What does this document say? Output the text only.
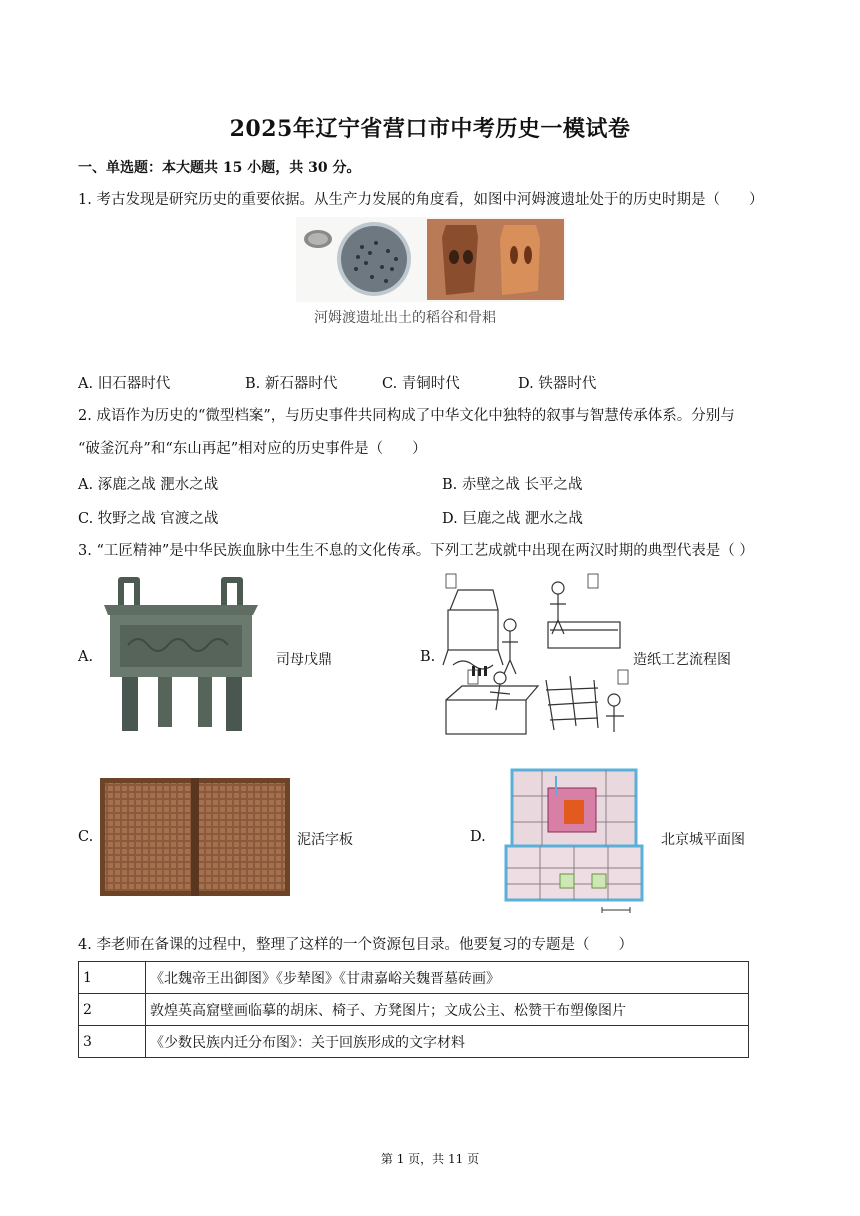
2025年辽宁省营口市中考历史一模试卷
一、单选题：本大题共 15 小题，共 30 分。
1. 考古发现是研究历史的重要依据。从生产力发展的角度看，如图中河姆渡遗址处于的历史时期是（　　）
河姆渡遗址出土的稻谷和骨耜
A. 旧石器时代	B. 新石器时代	C. 青铜时代	D. 铁器时代
2. 成语作为历史的“微型档案”，与历史事件共同构成了中华文化中独特的叙事与智慧传承体系。分别与
“破釜沉舟”和“东山再起”相对应的历史事件是（　　）
A. 涿鹿之战 淝水之战	B. 赤壁之战 长平之战
C. 牧野之战 官渡之战	D. 巨鹿之战 淝水之战
3. “工匠精神”是中华民族血脉中生生不息的文化传承。下列工艺成就中出现在两汉时期的典型代表是（ ）
A.	司母戊鼎	B.	造纸工艺流程图
C.	泥活字板	D.	北京城平面图
4. 李老师在备课的过程中，整理了这样的一个资源包目录。他要复习的专题是（　　）
1	《北魏帝王出御图》《步辇图》《甘肃嘉峪关魏晋墓砖画》
2	敦煌英高窟壁画临摹的胡床、椅子、方凳图片；文成公主、松赞干布塑像图片
3	《少数民族内迁分布图》：关于回族形成的文字材料
第 1 页，共 11 页
